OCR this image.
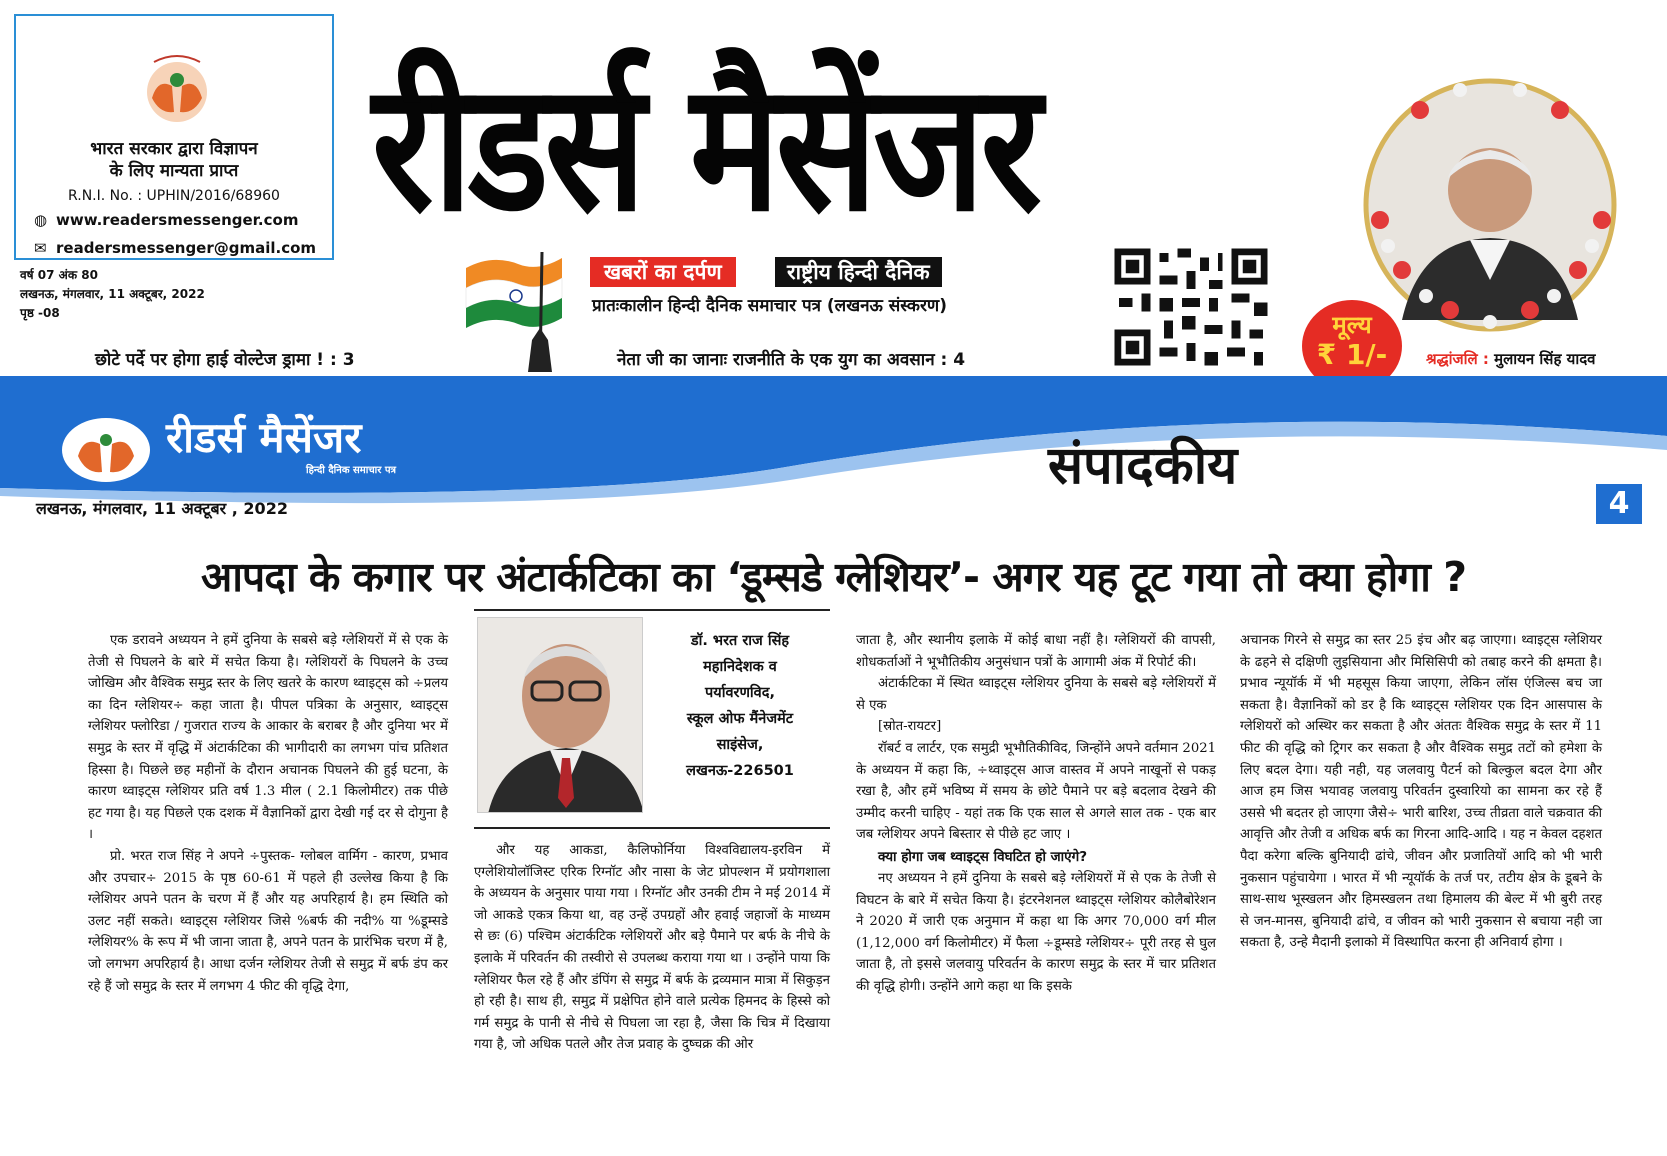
भारत सरकार द्वारा विज्ञापन
के लिए मान्यता प्राप्त
R.N.I. No. : UPHIN/2016/68960
◍ www.readersmessenger.com
✉ readersmessenger@gmail.com
वर्ष 07 अंक 80
लखनऊ, मंगलवार, 11 अक्टूबर, 2022
पृष्ठ -08
रीडर्स मैसेंजर
खबरों का दर्पण	राष्ट्रीय हिन्दी दैनिक
प्रातःकालीन हिन्दी दैनिक समाचार पत्र (लखनऊ संस्करण)
मूल्य
₹ 1/-	श्रद्धांजलि : मुलायन सिंह यादव
छोटे पर्दे पर होगा हाई वोल्टेज ड्रामा ! : 3	नेता जी का जानाः राजनीति के एक युग का अवसान : 4
रीडर्स मैसेंजर
हिन्दी दैनिक समाचार पत्र
लखनऊ, मंगलवार, 11 अक्टूबर , 2022
संपादकीय
4
आपदा के कगार पर अंटार्कटिका का ‘डूम्सडे ग्लेशियर’- अगर यह टूट गया तो क्या होगा ?
डॉ. भरत राज सिंह
महानिदेशक व
पर्यावरणविद,
स्कूल ओफ मैंनेजमेंट
साइंसेज,
लखनऊ-226501

एक डरावने अध्ययन ने हमें दुनिया के सबसे बड़े ग्लेशियरों में से एक के तेजी से पिघलने के बारे में सचेत किया है। ग्लेशियरों के पिघलने के उच्च जोखिम और वैश्विक समुद्र स्तर के लिए खतरे के कारण थ्वाइट्स को ÷प्रलय का दिन ग्लेशियर÷ कहा जाता है। पीपल पत्रिका के अनुसार, थ्वाइट्स ग्लेशियर फ्लोरिडा / गुजरात राज्य के आकार के बराबर है और दुनिया भर में समुद्र के स्तर में वृद्धि में अंटार्कटिका की भागीदारी का लगभग पांच प्रतिशत हिस्सा है। पिछले छह महीनों के दौरान अचानक पिघलने की हुई घटना, के कारण थ्वाइट्स ग्लेशियर प्रति वर्ष 1.3 मील ( 2.1 किलोमीटर) तक पीछे हट गया है। यह पिछले एक दशक में वैज्ञानिकों द्वारा देखी गई दर से दोगुना है ।

प्रो. भरत राज सिंह ने अपने ÷पुस्तक- ग्लोबल वार्मिग - कारण, प्रभाव और उपचार÷ 2015 के पृष्ठ 60-61 में पहले ही उल्लेख किया है कि ग्लेशियर अपने पतन के चरण में हैं और यह अपरिहार्य है। हम स्थिति को उलट नहीं सकते। थ्वाइट्स ग्लेशियर जिसे %बर्फ की नदी% या %डूम्सडे ग्लेशियर% के रूप में भी जाना जाता है, अपने पतन के प्रारंभिक चरण में है, जो लगभग अपरिहार्य है। आधा दर्जन ग्लेशियर तेजी से समुद्र में बर्फ डंप कर रहे हैं जो समुद्र के स्तर में लगभग 4 फीट की वृद्धि देगा,

और यह आकडा, कैलिफोर्निया विश्वविद्यालय-इरविन में एग्लेशियोलॉजिस्ट एरिक रिग्नॉट और नासा के जेट प्रोपल्शन में प्रयोगशाला के अध्ययन के अनुसार पाया गया । रिग्नॉट और उनकी टीम ने मई 2014 में जो आकडे एकत्र किया था, वह उन्हें उपग्रहों और हवाई जहाजों के माध्यम से छः (6) पश्चिम अंटार्कटिक ग्लेशियरों और बड़े पैमाने पर बर्फ के नीचे के इलाके में परिवर्तन की तस्वीरो से उपलब्ध कराया गया था । उन्होंने पाया कि ग्लेशियर फैल रहे हैं और डंपिंग से समुद्र में बर्फ के द्रव्यमान मात्रा में सिकुड़न हो रही है। साथ ही, समुद्र में प्रक्षेपित होने वाले प्रत्येक हिमनद के हिस्से को गर्म समुद्र के पानी से नीचे से पिघला जा रहा है, जैसा कि चित्र में दिखाया गया है, जो अधिक पतले और तेज प्रवाह के दुष्चक्र की ओर

जाता है, और स्थानीय इलाके में कोई बाधा नहीं है। ग्लेशियरों की वापसी, शोधकर्ताओं ने भूभौतिकीय अनुसंधान पत्रों के आगामी अंक में रिपोर्ट की।

अंटार्कटिका में स्थित थ्वाइट्स ग्लेशियर दुनिया के सबसे बड़े ग्लेशियरों में से एक

[स्रोत-रायटर]

रॉबर्ट व लार्टर, एक समुद्री भूभौतिकीविद, जिन्होंने अपने वर्तमान 2021 के अध्ययन में कहा कि, ÷थ्वाइट्स आज वास्तव में अपने नाखूनों से पकड़ रखा है, और हमें भविष्य में समय के छोटे पैमाने पर बड़े बदलाव देखने की उम्मीद करनी चाहिए - यहां तक कि एक साल से अगले साल तक - एक बार जब ग्लेशियर अपने बिस्तार से पीछे हट जाए ।

क्या होगा जब थ्वाइट्स विघटित हो जाएंगे?

नए अध्ययन ने हमें दुनिया के सबसे बड़े ग्लेशियरों में से एक के तेजी से विघटन के बारे में सचेत किया है। इंटरनेशनल थ्वाइट्स ग्लेशियर कोलैबोरेशन ने 2020 में जारी एक अनुमान में कहा था कि अगर 70,000 वर्ग मील (1,12,000 वर्ग किलोमीटर) में फैला ÷डूम्सडे ग्लेशियर÷ पूरी तरह से घुल जाता है, तो इससे जलवायु परिवर्तन के कारण समुद्र के स्तर में चार प्रतिशत की वृद्धि होगी। उन्होंने आगे कहा था कि इसके

अचानक गिरने से समुद्र का स्तर 25 इंच और बढ़ जाएगा। थ्वाइट्स ग्लेशियर के ढहने से दक्षिणी लुइसियाना और मिसिसिपी को तबाह करने की क्षमता है। प्रभाव न्यूयॉर्क में भी महसूस किया जाएगा, लेकिन लॉस एंजिल्स बच जा सकता है। वैज्ञानिकों को डर है कि थ्वाइट्स ग्लेशियर एक दिन आसपास के ग्लेशियरों को अस्थिर कर सकता है और अंततः वैश्विक समुद्र के स्तर में 11 फीट की वृद्धि को ट्रिगर कर सकता है और वैश्विक समुद्र तटों को हमेशा के लिए बदल देगा। यही नही, यह जलवायु पैटर्न को बिल्कुल बदल देगा और आज हम जिस भयावह जलवायु परिवर्तन दुस्वारियो का सामना कर रहे हैं उससे भी बदतर हो जाएगा जैसे÷ भारी बारिश, उच्च तीव्रता वाले चक्रवात की आवृत्ति और तेजी व अधिक बर्फ का गिरना आदि-आदि । यह न केवल दहशत पैदा करेगा बल्कि बुनियादी ढांचे, जीवन और प्रजातियों आदि को भी भारी नुकसान पहुंचायेगा । भारत में भी न्यूयॉर्क के तर्ज पर, तटीय क्षेत्र के डूबने के साथ-साथ भूस्खलन और हिमस्खलन तथा हिमालय की बेल्ट में भी बुरी तरह से जन-मानस, बुनियादी ढांचे, व जीवन को भारी नुकसान से बचाया नही जा सकता है, उन्हे मैदानी इलाको में विस्थापित करना ही अनिवार्य होगा ।
